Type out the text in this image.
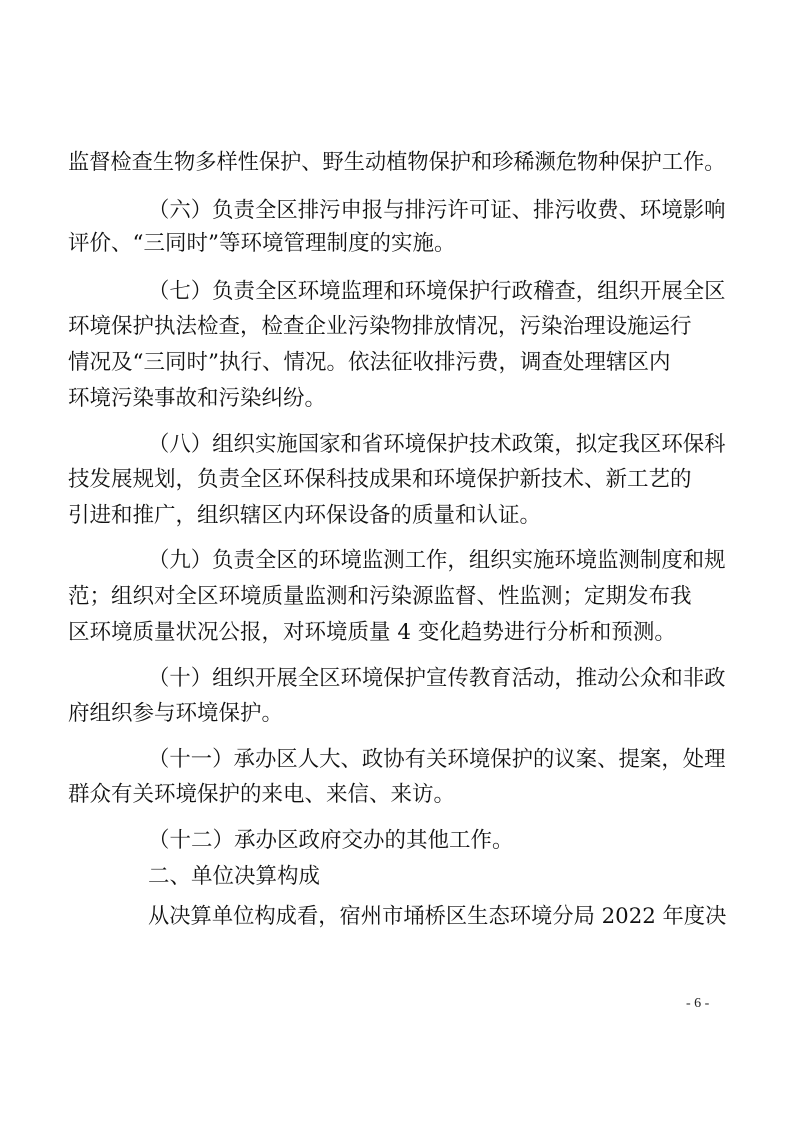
监督检查生物多样性保护、野生动植物保护和珍稀濒危物种保护工作。
（六）负责全区排污申报与排污许可证、排污收费、环境影响
评价、“三同时”等环境管理制度的实施。
（七）负责全区环境监理和环境保护行政稽查，组织开展全区
环境保护执法检查，检查企业污染物排放情况，污染治理设施运行
情况及“三同时”执行、情况。依法征收排污费，调查处理辖区内
环境污染事故和污染纠纷。
（八）组织实施国家和省环境保护技术政策，拟定我区环保科
技发展规划，负责全区环保科技成果和环境保护新技术、新工艺的
引进和推广，组织辖区内环保设备的质量和认证。
（九）负责全区的环境监测工作，组织实施环境监测制度和规
范；组织对全区环境质量监测和污染源监督、性监测；定期发布我
区环境质量状况公报，对环境质量 4 变化趋势进行分析和预测。
（十）组织开展全区环境保护宣传教育活动，推动公众和非政
府组织参与环境保护。
（十一）承办区人大、政协有关环境保护的议案、提案，处理
群众有关环境保护的来电、来信、来访。
（十二）承办区政府交办的其他工作。
二、单位决算构成
从决算单位构成看，宿州市埇桥区生态环境分局 2022 年度决
- 6 -
